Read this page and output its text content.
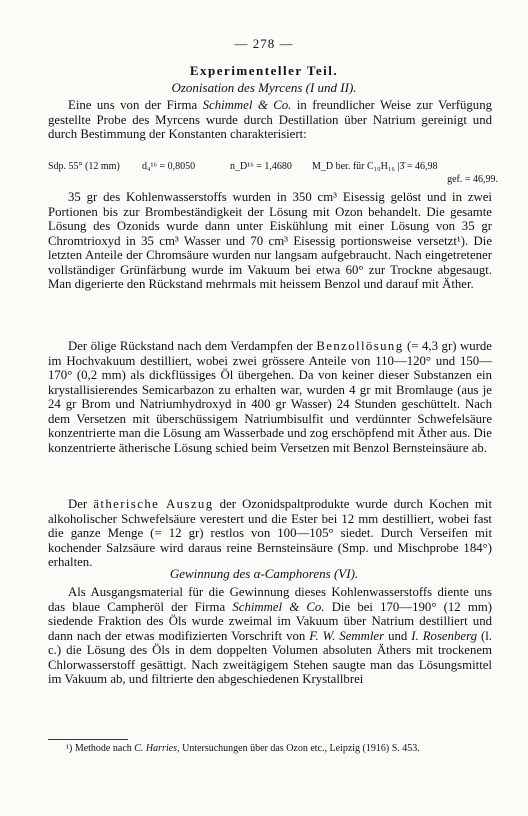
— 278 —
Experimenteller Teil.
Ozonisation des Myrcens (I und II).
Eine uns von der Firma Schimmel & Co. in freundlicher Weise zur Verfügung gestellte Probe des Myrcens wurde durch Destillation über Natrium gereinigt und durch Bestimmung der Konstanten charakterisiert:
Sdp. 55° (12 mm) d₄¹⁶ = 0,8050	n_D¹⁶ = 1,4680 M_D ber. für C₁₀H₁₆ |3̄ = 46,98
gef. = 46,99.
35 gr des Kohlenwasserstoffs wurden in 350 cm³ Eisessig gelöst und in zwei Portionen bis zur Brombeständigkeit der Lösung mit Ozon behandelt. Die gesamte Lösung des Ozonids wurde dann unter Eiskühlung mit einer Lösung von 35 gr Chromtrioxyd in 35 cm³ Wasser und 70 cm³ Eisessig portionsweise versetzt¹). Die letzten Anteile der Chromsäure wurden nur langsam aufgebraucht. Nach eingetretener vollständiger Grünfärbung wurde im Vakuum bei etwa 60° zur Trockne abgesaugt. Man digerierte den Rückstand mehrmals mit heissem Benzol und darauf mit Äther.
Der ölige Rückstand nach dem Verdampfen der Benzollösung (= 4,3 gr) wurde im Hochvakuum destilliert, wobei zwei grössere Anteile von 110—120° und 150—170° (0,2 mm) als dickflüssiges Öl übergehen. Da von keiner dieser Substanzen ein krystallisierendes Semicarbazon zu erhalten war, wurden 4 gr mit Bromlauge (aus je 24 gr Brom und Natriumhydroxyd in 400 gr Wasser) 24 Stunden geschüttelt. Nach dem Versetzen mit überschüssigem Natriumbisulfit und verdünnter Schwefelsäure konzentrierte man die Lösung am Wasserbade und zog erschöpfend mit Äther aus. Die konzentrierte ätherische Lösung schied beim Versetzen mit Benzol Bernsteinsäure ab.
Der ätherische Auszug der Ozonidspaltprodukte wurde durch Kochen mit alkoholischer Schwefelsäure verestert und die Ester bei 12 mm destilliert, wobei fast die ganze Menge (= 12 gr) restlos von 100—105° siedet. Durch Verseifen mit kochender Salzsäure wird daraus reine Bernsteinsäure (Smp. und Mischprobe 184°) erhalten.
Gewinnung des α-Camphorens (VI).
Als Ausgangsmaterial für die Gewinnung dieses Kohlenwasserstoffs diente uns das blaue Campheröl der Firma Schimmel & Co. Die bei 170—190° (12 mm) siedende Fraktion des Öls wurde zweimal im Vakuum über Natrium destilliert und dann nach der etwas modifizierten Vorschrift von F. W. Semmler und I. Rosenberg (l. c.) die Lösung des Öls in dem doppelten Volumen absoluten Äthers mit trockenem Chlorwasserstoff gesättigt. Nach zweitägigem Stehen saugte man das Lösungsmittel im Vakuum ab, und filtrierte den abgeschiedenen Krystallbrei
¹) Methode nach C. Harries, Untersuchungen über das Ozon etc., Leipzig (1916) S. 453.
